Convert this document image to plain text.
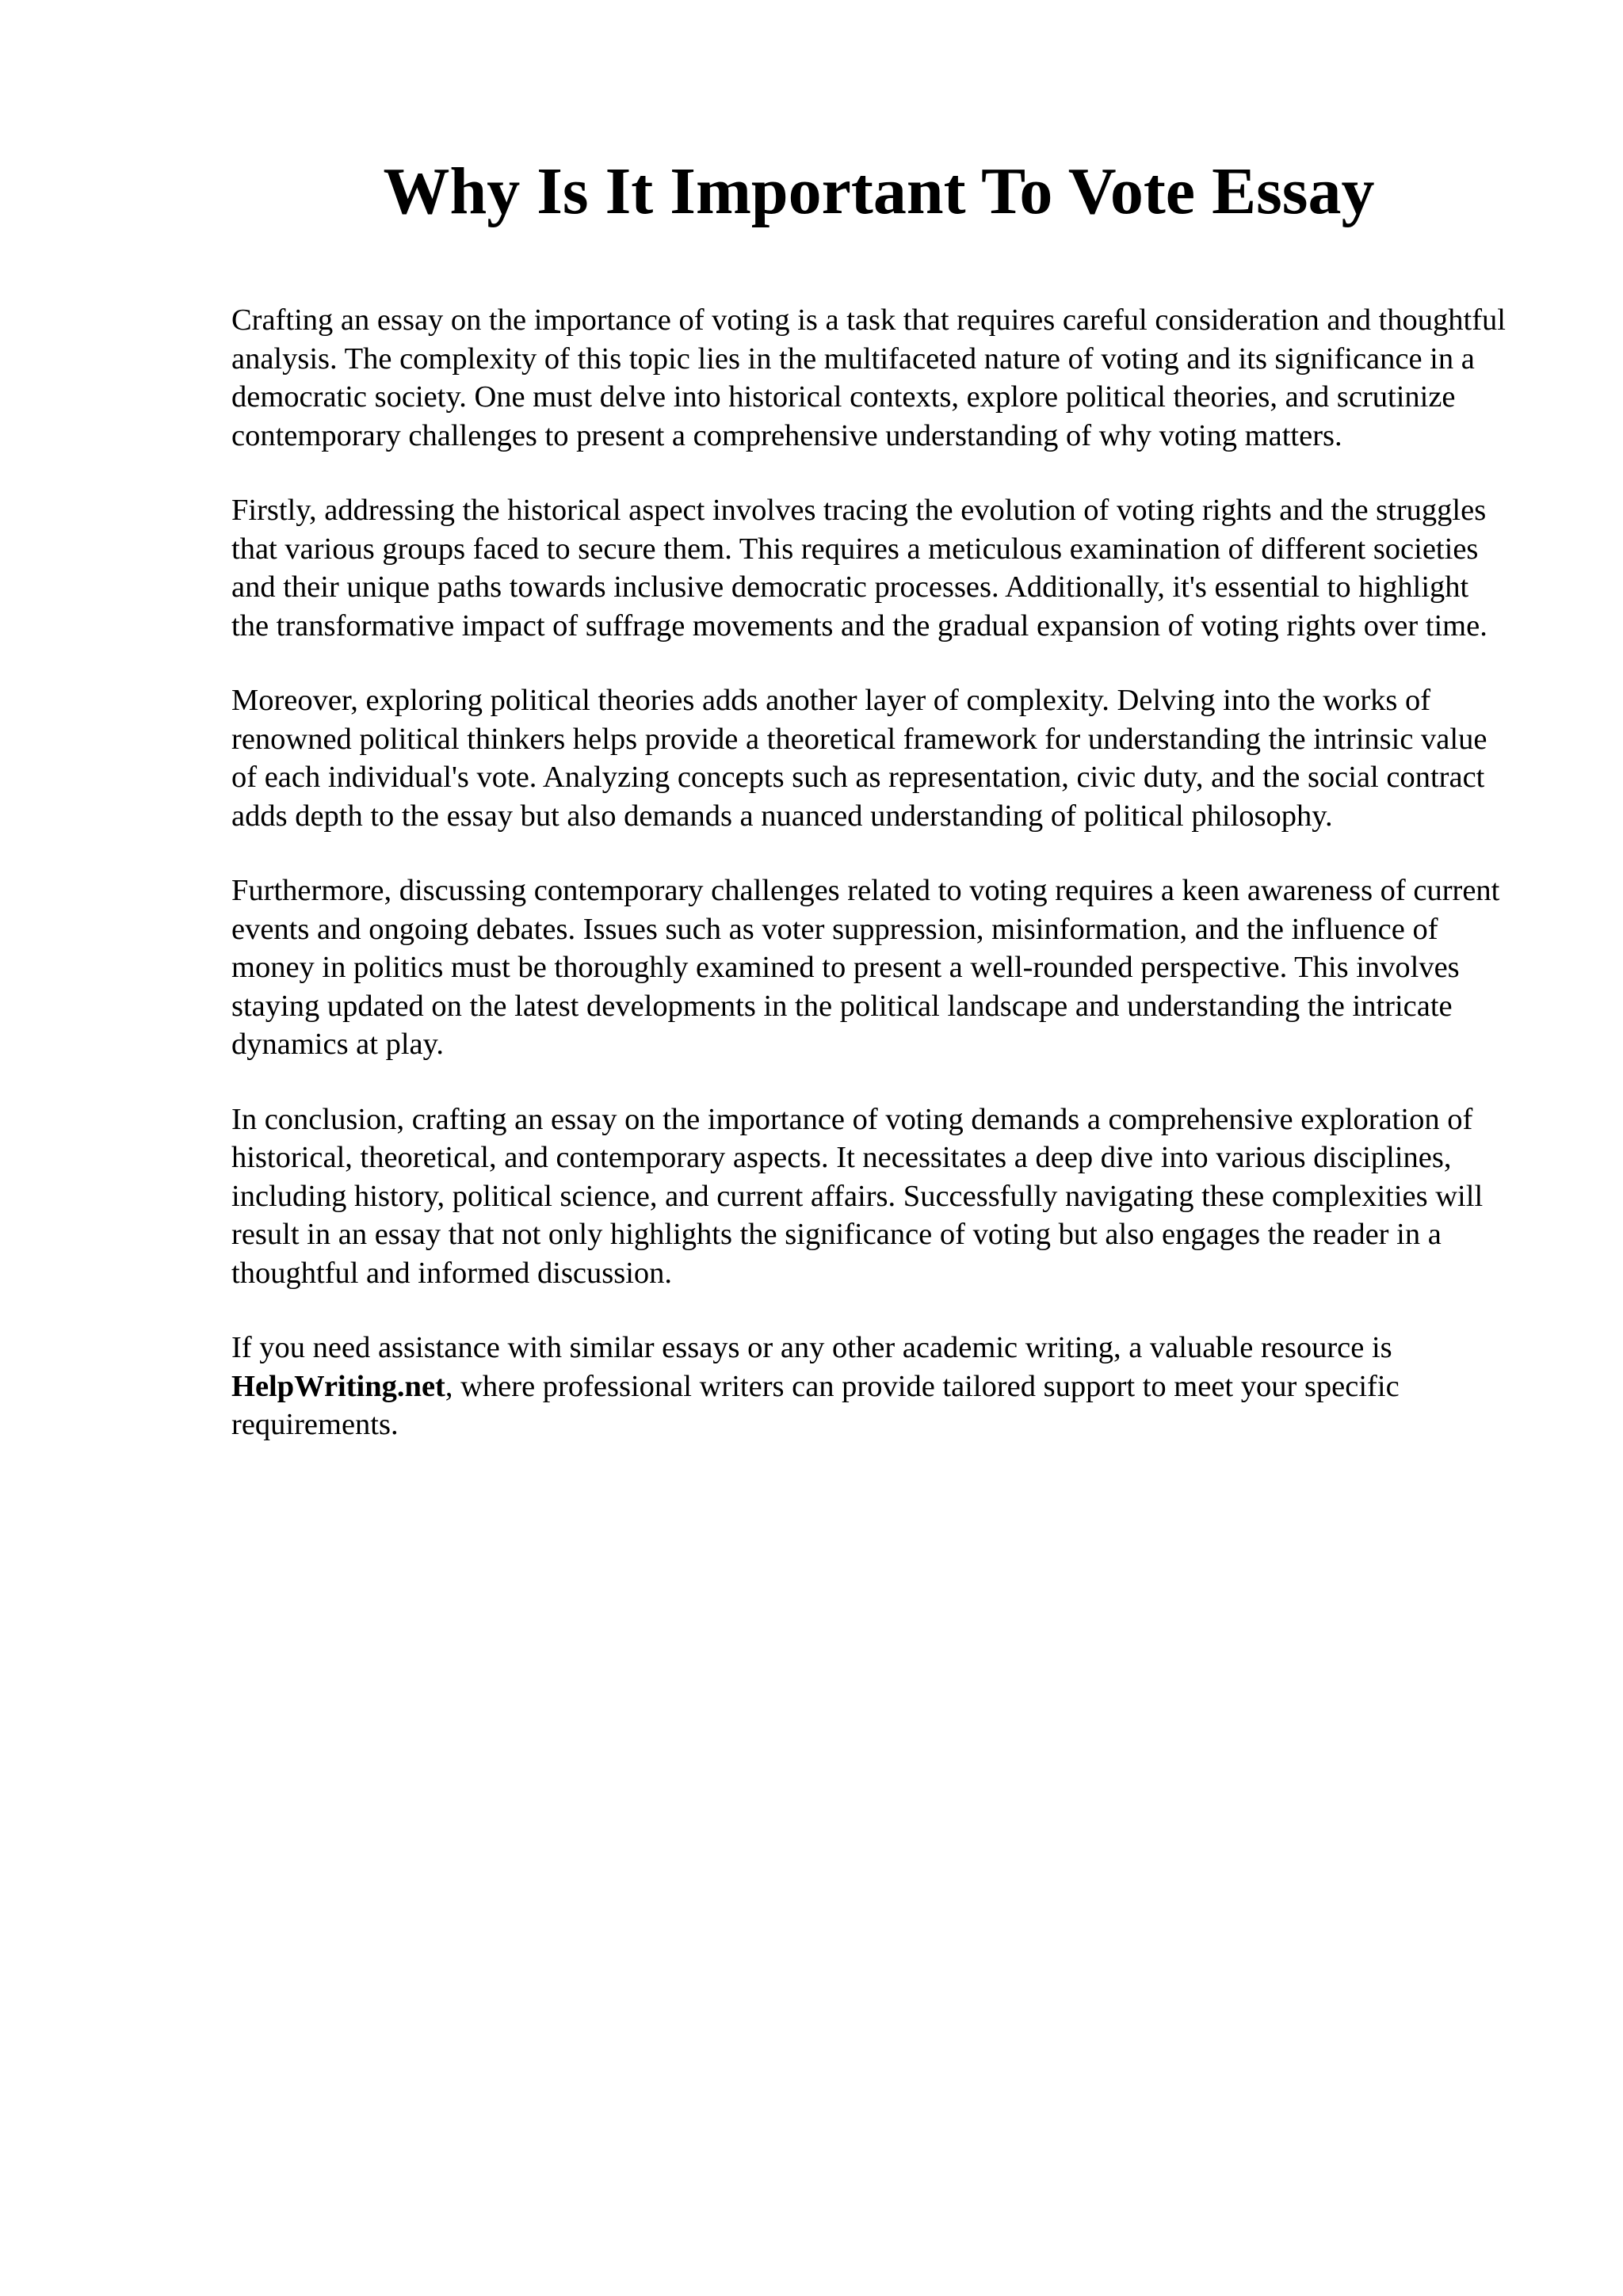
Why Is It Important To Vote Essay

Crafting an essay on the importance of voting is a task that requires careful consideration and thoughtful analysis. The complexity of this topic lies in the multifaceted nature of voting and its significance in a democratic society. One must delve into historical contexts, explore political theories, and scrutinize contemporary challenges to present a comprehensive understanding of why voting matters.

Firstly, addressing the historical aspect involves tracing the evolution of voting rights and the struggles that various groups faced to secure them. This requires a meticulous examination of different societies and their unique paths towards inclusive democratic processes. Additionally, it's essential to highlight the transformative impact of suffrage movements and the gradual expansion of voting rights over time.

Moreover, exploring political theories adds another layer of complexity. Delving into the works of renowned political thinkers helps provide a theoretical framework for understanding the intrinsic value of each individual's vote. Analyzing concepts such as representation, civic duty, and the social contract adds depth to the essay but also demands a nuanced understanding of political philosophy.

Furthermore, discussing contemporary challenges related to voting requires a keen awareness of current events and ongoing debates. Issues such as voter suppression, misinformation, and the influence of money in politics must be thoroughly examined to present a well-rounded perspective. This involves staying updated on the latest developments in the political landscape and understanding the intricate dynamics at play.

In conclusion, crafting an essay on the importance of voting demands a comprehensive exploration of historical, theoretical, and contemporary aspects. It necessitates a deep dive into various disciplines, including history, political science, and current affairs. Successfully navigating these complexities will result in an essay that not only highlights the significance of voting but also engages the reader in a thoughtful and informed discussion.

If you need assistance with similar essays or any other academic writing, a valuable resource is HelpWriting.net, where professional writers can provide tailored support to meet your specific requirements.
